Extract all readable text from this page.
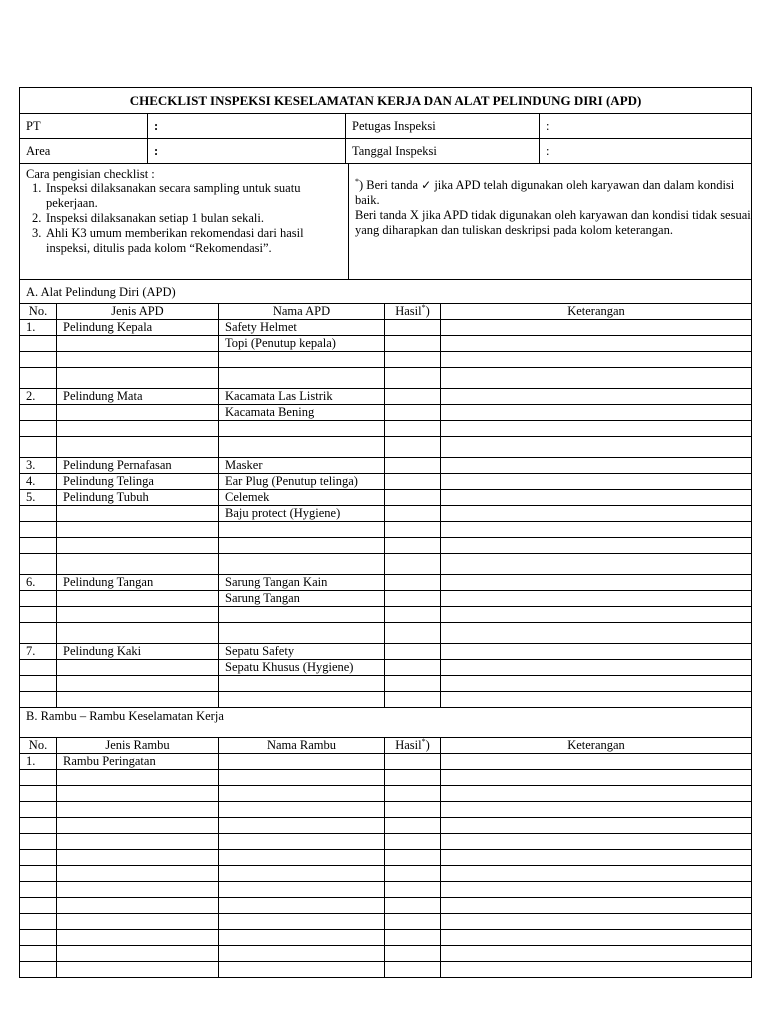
CHECKLIST INSPEKSI KESELAMATAN KERJA DAN ALAT PELINDUNG DIRI (APD)
PT	:	Petugas Inspeksi	:
Area	:	Tanggal Inspeksi	:
Cara pengisian checklist :
1. Inspeksi dilaksanakan secara sampling untuk suatu pekerjaan.
2. Inspeksi dilaksanakan setiap 1 bulan sekali.
3. Ahli K3 umum memberikan rekomendasi dari hasil inspeksi, ditulis pada kolom “Rekomendasi”.

*) Beri tanda ✓ jika APD telah digunakan oleh karyawan dan dalam kondisi baik.

Beri tanda X jika APD tidak digunakan oleh karyawan dan kondisi tidak sesuai yang diharapkan dan tuliskan deskripsi pada kolom keterangan.

A. Alat Pelindung Diri (APD)				
No.	Jenis APD	Nama APD	Hasil*)	Keterangan
1.	Pelindung Kepala	Safety Helmet		
		Topi (Penutup kepala)		

2.	Pelindung Mata	Kacamata Las Listrik		
		Kacamata Bening		

3.	Pelindung Pernafasan	Masker		
4.	Pelindung Telinga	Ear Plug (Penutup telinga)		
5.	Pelindung Tubuh	Celemek		
		Baju protect (Hygiene)		

6.	Pelindung Tangan	Sarung Tangan Kain		
		Sarung Tangan		

7.	Pelindung Kaki	Sepatu Safety		
		Sepatu Khusus (Hygiene)		

B. Rambu – Rambu Keselamatan Kerja				
No.	Jenis Rambu	Nama Rambu	Hasil*)	Keterangan
1.	Rambu Peringatan			
